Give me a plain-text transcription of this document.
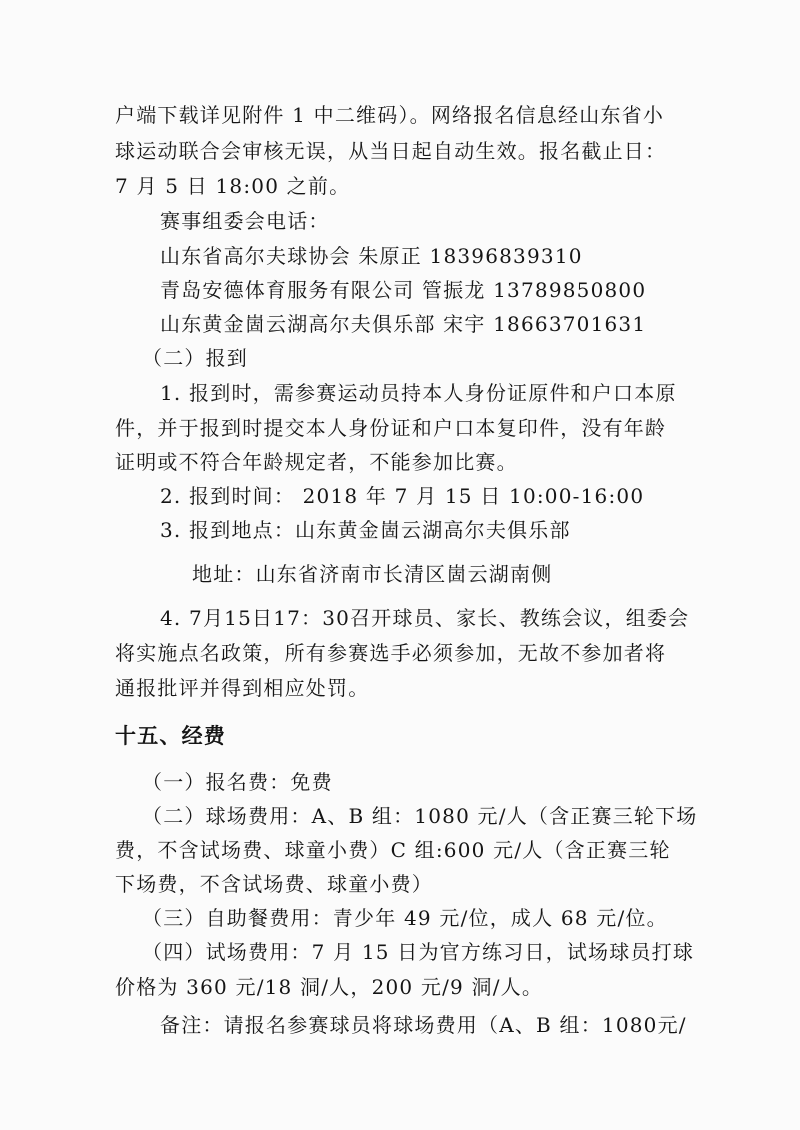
户端下载详见附件 1 中二维码）。网络报名信息经山东省小
球运动联合会审核无误，从当日起自动生效。报名截止日：
7 月 5 日 18:00 之前。
赛事组委会电话：
山东省高尔夫球协会 朱原正 18396839310
青岛安德体育服务有限公司 管振龙 13789850800
山东黄金崮云湖高尔夫俱乐部 宋宇 18663701631
（二）报到
1. 报到时，需参赛运动员持本人身份证原件和户口本原
件，并于报到时提交本人身份证和户口本复印件，没有年龄
证明或不符合年龄规定者，不能参加比赛。
2. 报到时间： 2018 年 7 月 15 日 10:00-16:00
3. 报到地点：山东黄金崮云湖高尔夫俱乐部
地址：山东省济南市长清区崮云湖南侧
4. 7月15日17：30召开球员、家长、教练会议，组委会
将实施点名政策，所有参赛选手必须参加，无故不参加者将
通报批评并得到相应处罚。
十五、经费
（一）报名费：免费
（二）球场费用：A、B 组：1080 元/人（含正赛三轮下场
费，不含试场费、球童小费）C 组:600 元/人（含正赛三轮
下场费，不含试场费、球童小费）
（三）自助餐费用：青少年 49 元/位，成人 68 元/位。
（四）试场费用：7 月 15 日为官方练习日，试场球员打球
价格为 360 元/18 洞/人，200 元/9 洞/人。
备注：请报名参赛球员将球场费用（A、B 组：1080元/
